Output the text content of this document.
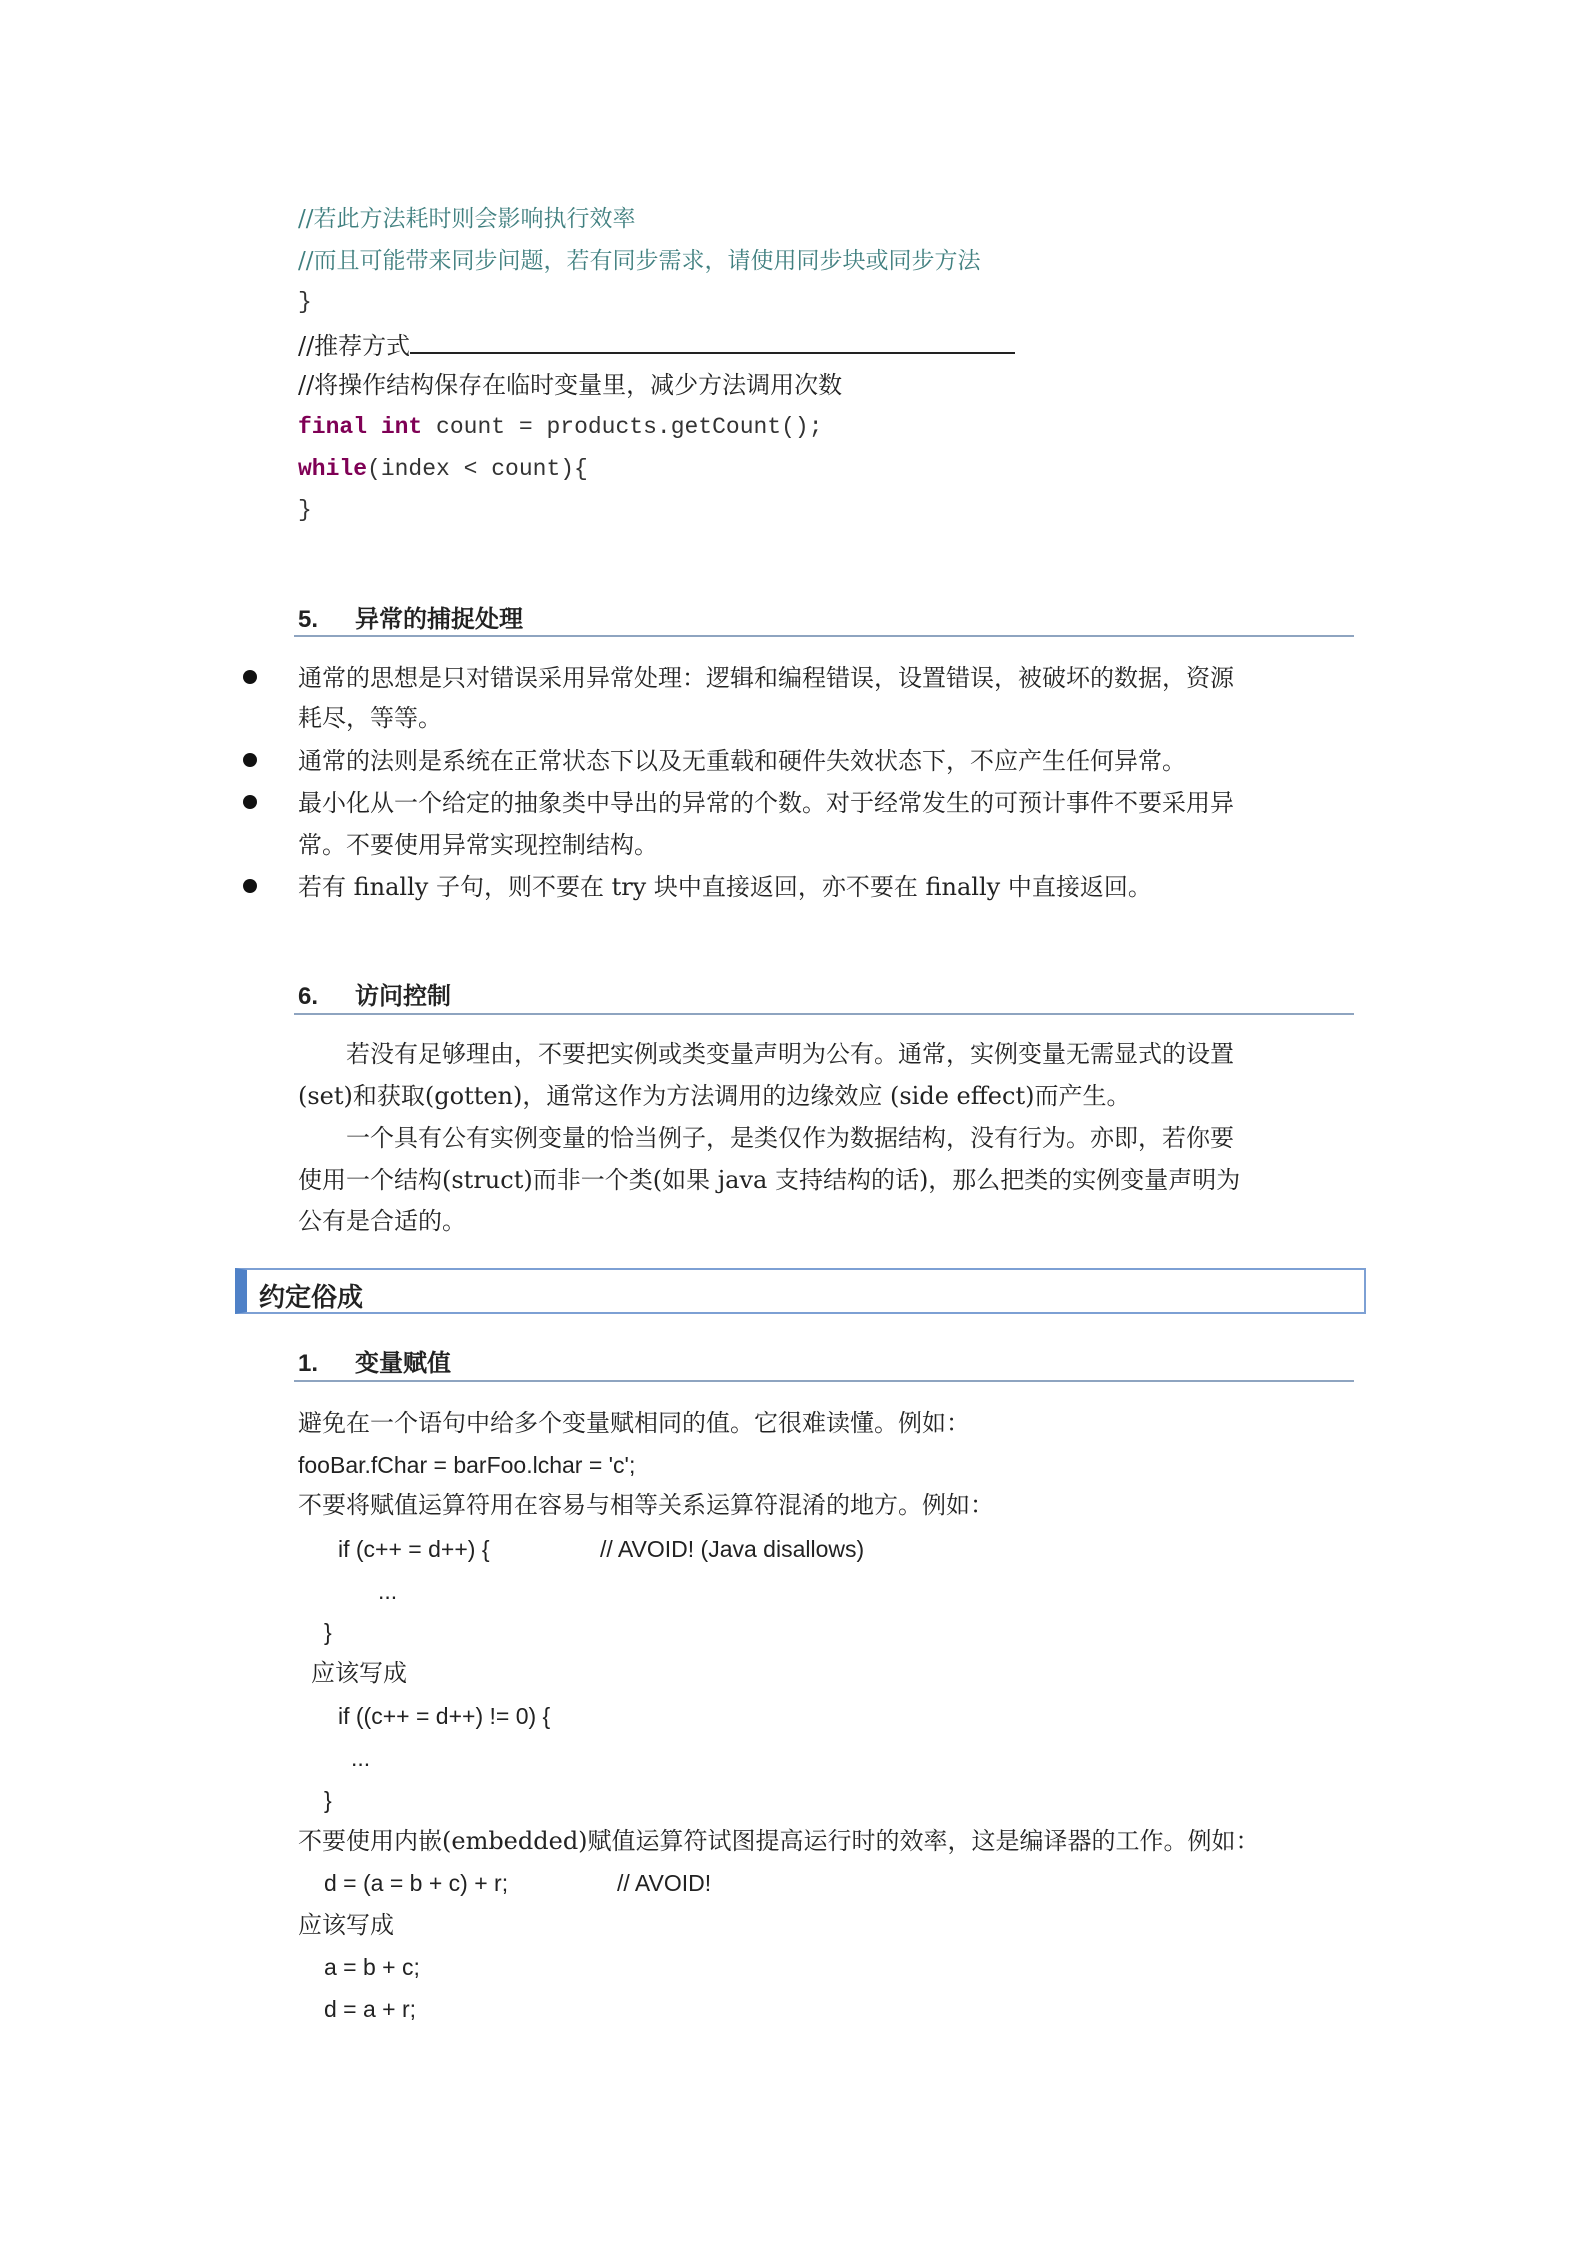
//若此方法耗时则会影响执行效率
//而且可能带来同步问题，若有同步需求，请使用同步块或同步方法
}
//推荐方式
//将操作结构保存在临时变量里，减少方法调用次数
final int count = products.getCount();
while(index < count){
}
5. 异常的捕捉处理
通常的思想是只对错误采用异常处理：逻辑和编程错误，设置错误，被破坏的数据，资源
耗尽，等等。
通常的法则是系统在正常状态下以及无重载和硬件失效状态下，不应产生任何异常。
最小化从一个给定的抽象类中导出的异常的个数。对于经常发生的可预计事件不要采用异
常。不要使用异常实现控制结构。
若有 finally 子句，则不要在 try 块中直接返回，亦不要在 finally 中直接返回。
6. 访问控制
　　若没有足够理由，不要把实例或类变量声明为公有。通常，实例变量无需显式的设置
(set)和获取(gotten)，通常这作为方法调用的边缘效应 (side effect)而产生。
　　一个具有公有实例变量的恰当例子，是类仅作为数据结构，没有行为。亦即，若你要
使用一个结构(struct)而非一个类(如果 java 支持结构的话)，那么把类的实例变量声明为
公有是合适的。
约定俗成
1. 变量赋值
避免在一个语句中给多个变量赋相同的值。它很难读懂。例如：
fooBar.fChar = barFoo.lchar = 'c';
不要将赋值运算符用在容易与相等关系运算符混淆的地方。例如：
if (c++ = d++) {	// AVOID! (Java disallows)
...
}
应该写成
if ((c++ = d++) != 0) {
...
}
不要使用内嵌(embedded)赋值运算符试图提高运行时的效率，这是编译器的工作。例如：
d = (a = b + c) + r;	// AVOID!
应该写成
a = b + c;
d = a + r;
